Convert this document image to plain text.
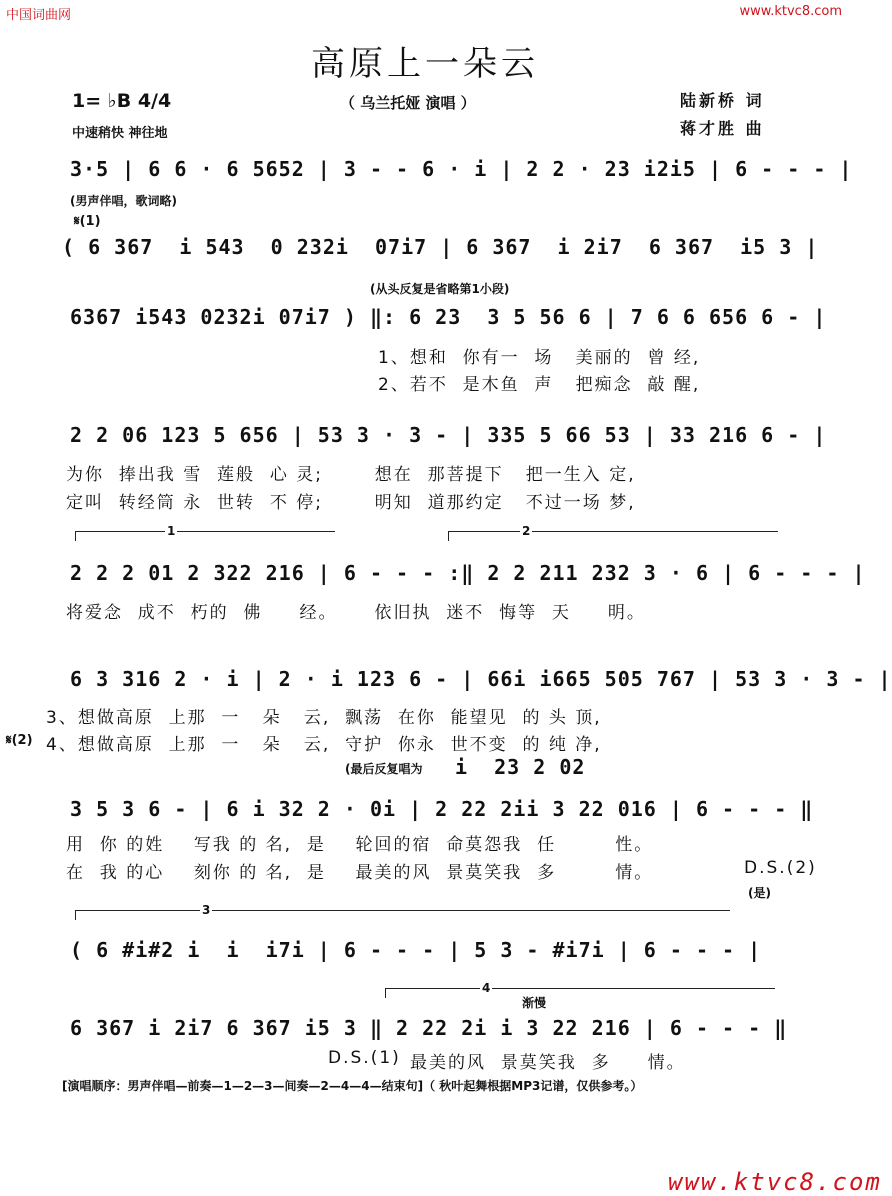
中国词曲网	www.ktvc8.com
高原上一朵云
（ 乌兰托娅 演唱 ）
1= ♭B 4/4
中速稍快 神往地
陆新桥 词
蒋才胜 曲
3·5 | 6 6 · 6 5652 | 3 - - 6 · i | 2 2 · 23 i2i5 | 6 - - - |
(男声伴唱，歌词略)
𝄋(1)
( 6 367  i 543  0 232i  07i7 | 6 367  i 2i7  6 367  i5 3 |
(从头反复是省略第1小段)
6367 i543 0232i 07i7 ) ‖: 6 23  3 5 56 6 | 7 6 6 656 6 - |
1、想和  你有一  场   美丽的  曾 经,
2、若不  是木鱼  声   把痴念  敲 醒,
2 2 06 123 5 656 | 53 3 · 3 - | 335 5 66 53 | 33 216 6 - |
为你  捧出我 雪  莲般  心 灵;       想在  那菩提下   把一生入 定,
定叫  转经筒 永  世转  不 停;       明知  道那约定   不过一场 梦,
1	2
2 2 2 01 2 322 216 | 6 - - - :‖ 2 2 211 232 3 · 6 | 6 - - - |
将爱念  成不  朽的  佛     经。     依旧执  迷不  悔等  天     明。
6 3 316 2 · i | 2 · i 123 6 - | 66i i665 505 767 | 53 3 · 3 - |
3、想做高原  上那  一   朵   云,  飘荡  在你  能望见  的 头 顶,
𝄋(2) 4、想做高原  上那  一   朵   云,  守护  你永  世不变  的 纯 净,
(最后反复唱为 i  23 2 02
3 5 3 6 - | 6 i 32 2 · 0i | 2 22 2ii 3 22 016 | 6 - - - ‖
用  你 的姓    写我 的 名,  是    轮回的宿  命莫怨我  任        性。
在  我 的心    刻你 的 名,  是    最美的风  景莫笑我  多        情。	D.S.(2)
(是)
3
( 6 #i#2 i  i  i7i | 6 - - - | 5 3 - #i7i | 6 - - - |
4
渐慢
6 367 i 2i7 6 367 i5 3 ‖ 2 22 2i i 3 22 216 | 6 - - - ‖
D.S.(1) 最美的风  景莫笑我  多     情。
[演唱顺序：男声伴唱—前奏—1—2—3—间奏—2—4—4—结束句]（ 秋叶起舞根据MP3记谱，仅供参考。）
www.ktvc8.com
